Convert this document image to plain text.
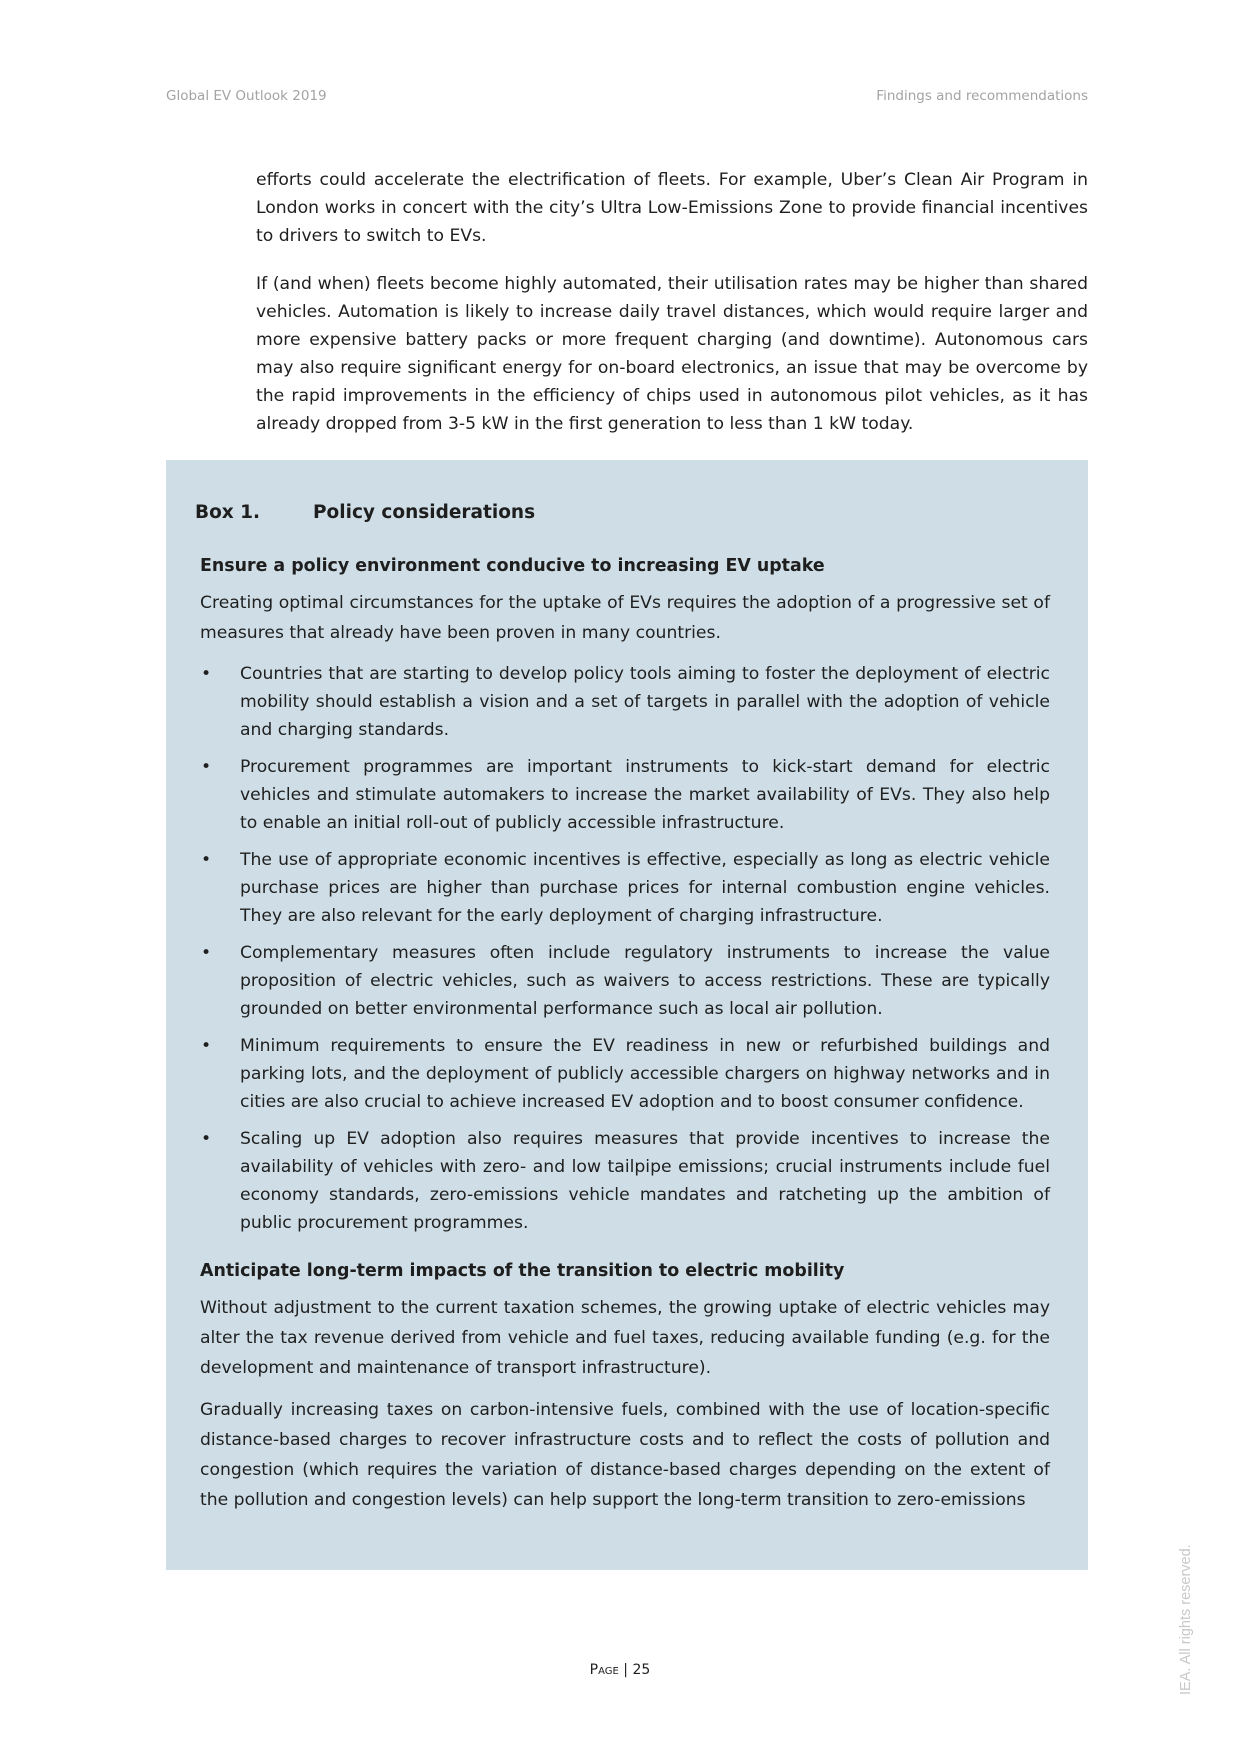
Global EV Outlook 2019	Findings and recommendations

efforts could accelerate the electrification of fleets. For example, Uber’s Clean Air Program in London works in concert with the city’s Ultra Low-Emissions Zone to provide financial incentives to drivers to switch to EVs.

If (and when) fleets become highly automated, their utilisation rates may be higher than shared vehicles. Automation is likely to increase daily travel distances, which would require larger and more expensive battery packs or more frequent charging (and downtime). Autonomous cars may also require significant energy for on-board electronics, an issue that may be overcome by the rapid improvements in the efficiency of chips used in autonomous pilot vehicles, as it has already dropped from 3-5 kW in the first generation to less than 1 kW today.

Box 1.	Policy considerations
Ensure a policy environment conducive to increasing EV uptake

Creating optimal circumstances for the uptake of EVs requires the adoption of a progressive set of measures that already have been proven in many countries.

• Countries that are starting to develop policy tools aiming to foster the deployment of electric mobility should establish a vision and a set of targets in parallel with the adoption of vehicle and charging standards.
• Procurement programmes are important instruments to kick-start demand for electric vehicles and stimulate automakers to increase the market availability of EVs. They also help to enable an initial roll-out of publicly accessible infrastructure.
• The use of appropriate economic incentives is effective, especially as long as electric vehicle purchase prices are higher than purchase prices for internal combustion engine vehicles. They are also relevant for the early deployment of charging infrastructure.
• Complementary measures often include regulatory instruments to increase the value proposition of electric vehicles, such as waivers to access restrictions. These are typically grounded on better environmental performance such as local air pollution.
• Minimum requirements to ensure the EV readiness in new or refurbished buildings and parking lots, and the deployment of publicly accessible chargers on highway networks and in cities are also crucial to achieve increased EV adoption and to boost consumer confidence.
• Scaling up EV adoption also requires measures that provide incentives to increase the availability of vehicles with zero- and low tailpipe emissions; crucial instruments include fuel economy standards, zero-emissions vehicle mandates and ratcheting up the ambition of public procurement programmes.
Anticipate long-term impacts of the transition to electric mobility

Without adjustment to the current taxation schemes, the growing uptake of electric vehicles may alter the tax revenue derived from vehicle and fuel taxes, reducing available funding (e.g. for the development and maintenance of transport infrastructure).

Gradually increasing taxes on carbon-intensive fuels, combined with the use of location-specific distance-based charges to recover infrastructure costs and to reflect the costs of pollution and congestion (which requires the variation of distance-based charges depending on the extent of the pollution and congestion levels) can help support the long-term transition to zero-emissions

Page | 25	IEA. All rights reserved.
